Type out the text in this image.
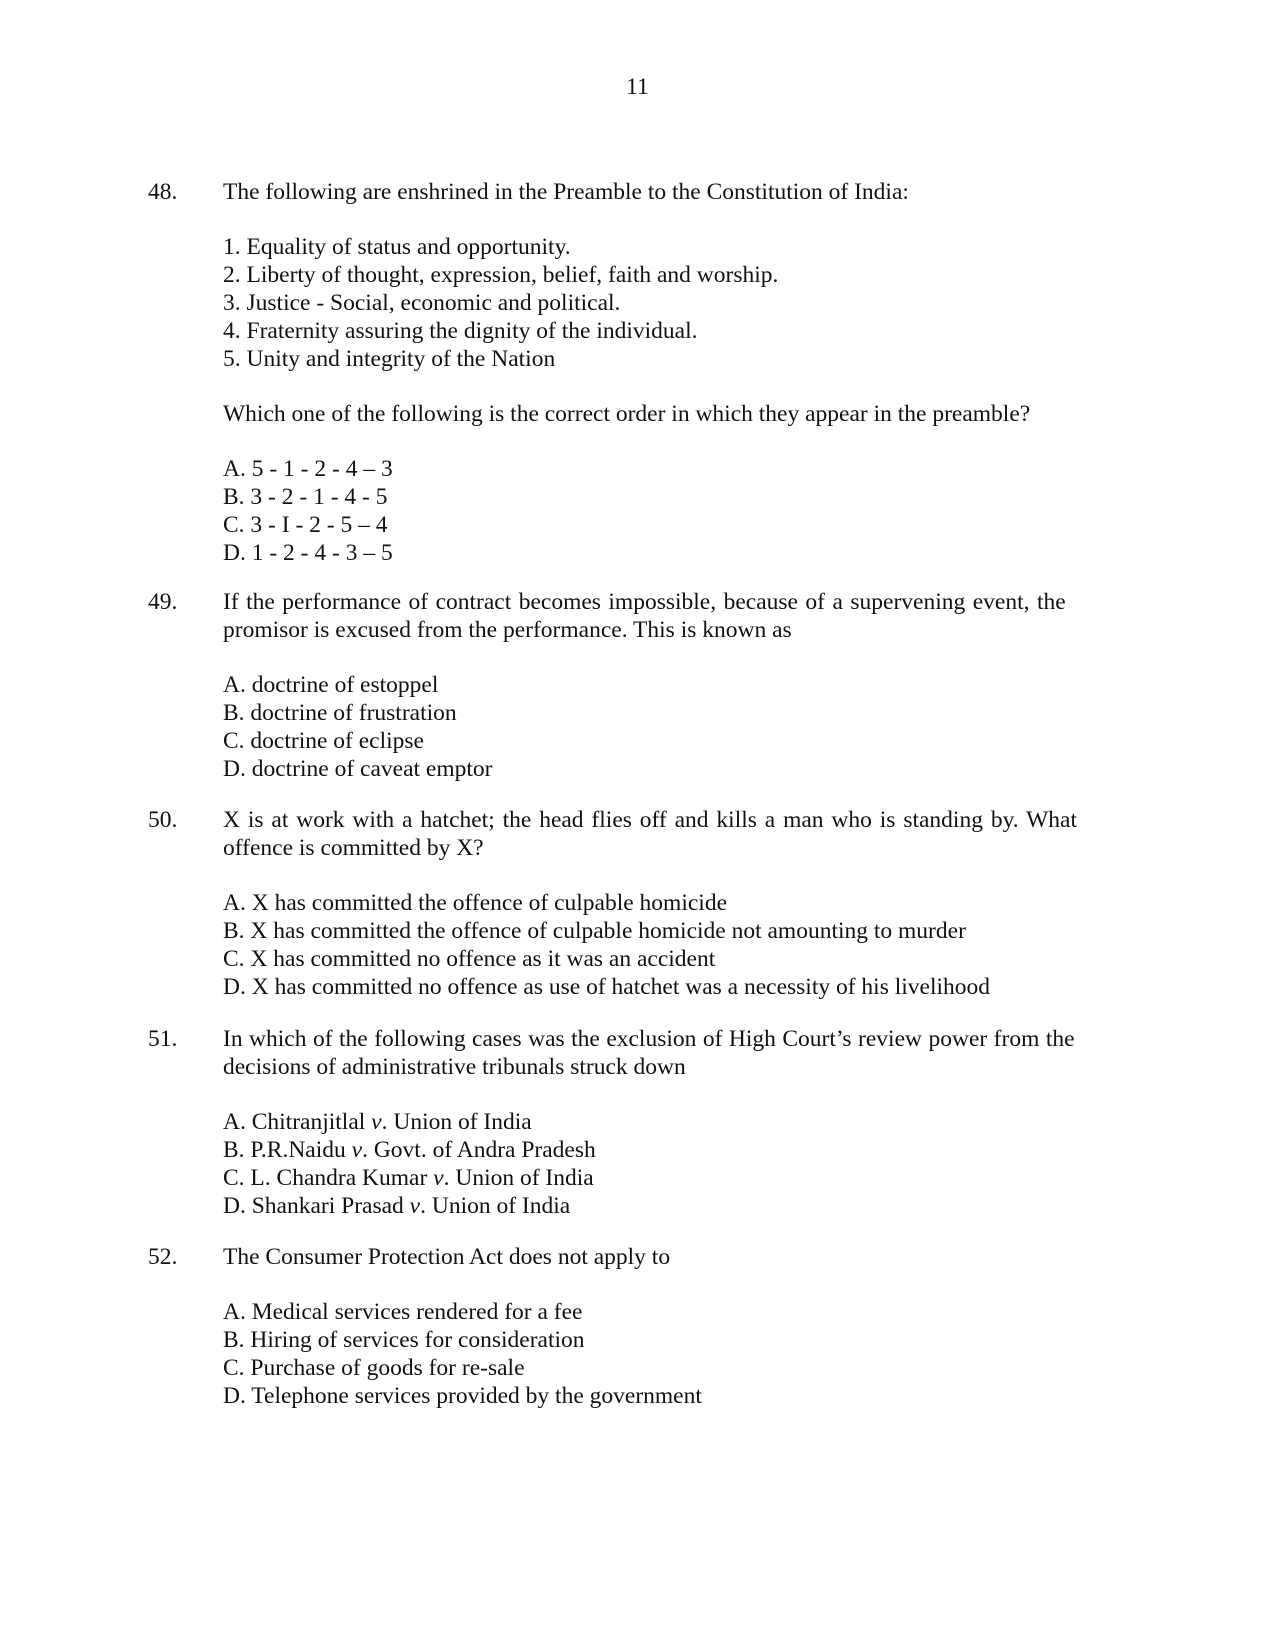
11
48. The following are enshrined in the Preamble to the Constitution of India:

1. Equality of status and opportunity.
2. Liberty of thought, expression, belief, faith and worship.
3. Justice - Social, economic and political.
4. Fraternity assuring the dignity of the individual.
5. Unity and integrity of the Nation

Which one of the following is the correct order in which they appear in the preamble?

A. 5 - 1 - 2 - 4 – 3
B. 3 - 2 - 1 - 4 - 5
C. 3 - I - 2 - 5 – 4
D. 1 - 2 - 4 - 3 – 5
49. If the performance of contract becomes impossible, because of a supervening event, the
promisor is excused from the performance. This is known as
A. doctrine of estoppel
B. doctrine of frustration
C. doctrine of eclipse
D. doctrine of caveat emptor
50. X is at work with a hatchet; the head flies off and kills a man who is standing by. What
offence is committed by X?
A. X has committed the offence of culpable homicide
B. X has committed the offence of culpable homicide not amounting to murder
C. X has committed no offence as it was an accident
D. X has committed no offence as use of hatchet was a necessity of his livelihood
51. In which of the following cases was the exclusion of High Court’s review power from the
decisions of administrative tribunals struck down
A. Chitranjitlal v. Union of India
B. P.R.Naidu v. Govt. of Andra Pradesh
C. L. Chandra Kumar v. Union of India
D. Shankari Prasad v. Union of India
52. The Consumer Protection Act does not apply to

A. Medical services rendered for a fee
B. Hiring of services for consideration
C. Purchase of goods for re-sale
D. Telephone services provided by the government
